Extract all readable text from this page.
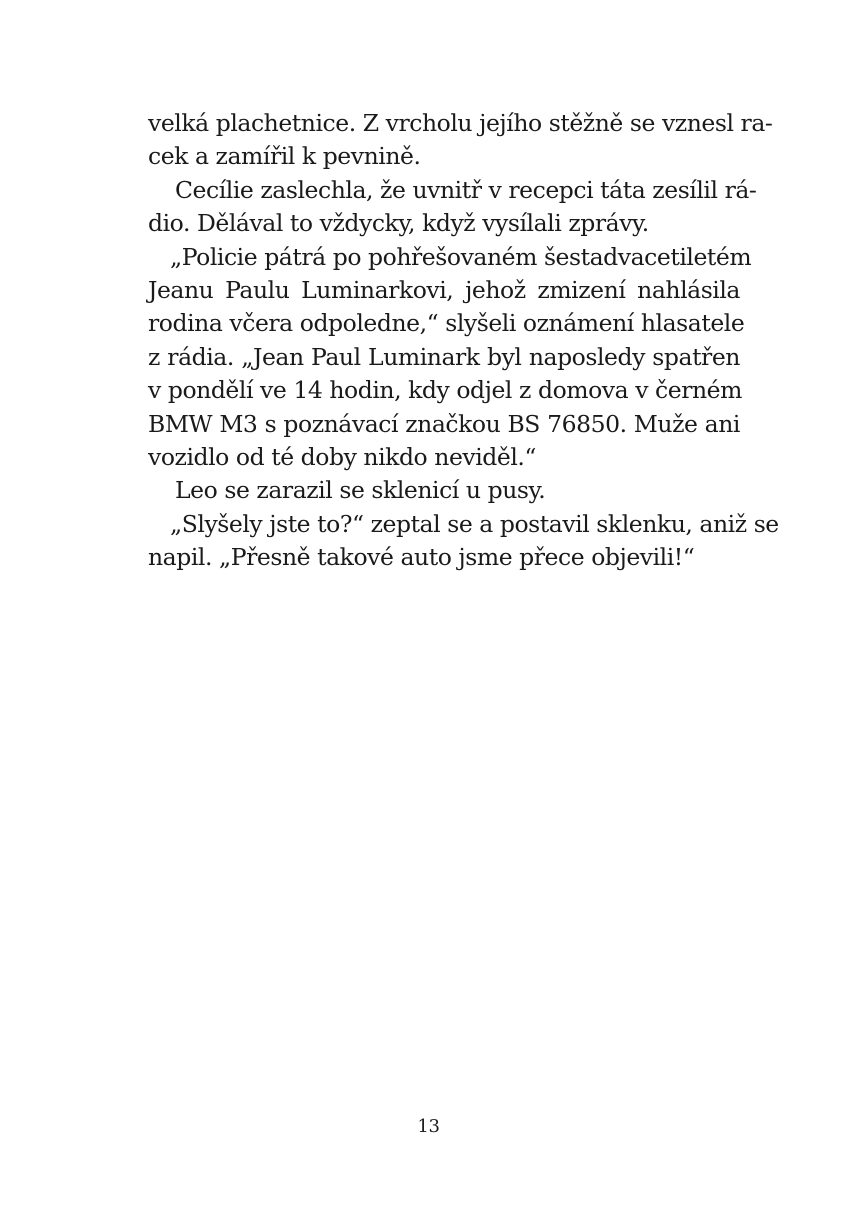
velká plachetnice. Z vrcholu jejího stěžně se vznesl ra-
cek a zamířil k pevnině.
Cecílie zaslechla, že uvnitř v recepci táta zesílil rá-
dio. Dělával to vždycky, když vysílali zprávy.
„Policie pátrá po pohřešovaném šestadvacetiletém
Jeanu Paulu Luminarkovi, jehož zmizení nahlásila
rodina včera odpoledne,“ slyšeli oznámení hlasatele
z rádia. „Jean Paul Luminark byl naposledy spatřen
v pondělí ve 14 hodin, kdy odjel z domova v černém
BMW M3 s poznávací značkou BS 76850. Muže ani
vozidlo od té doby nikdo neviděl.“
Leo se zarazil se sklenicí u pusy.
„Slyšely jste to?“ zeptal se a postavil sklenku, aniž se
napil. „Přesně takové auto jsme přece objevili!“
13
